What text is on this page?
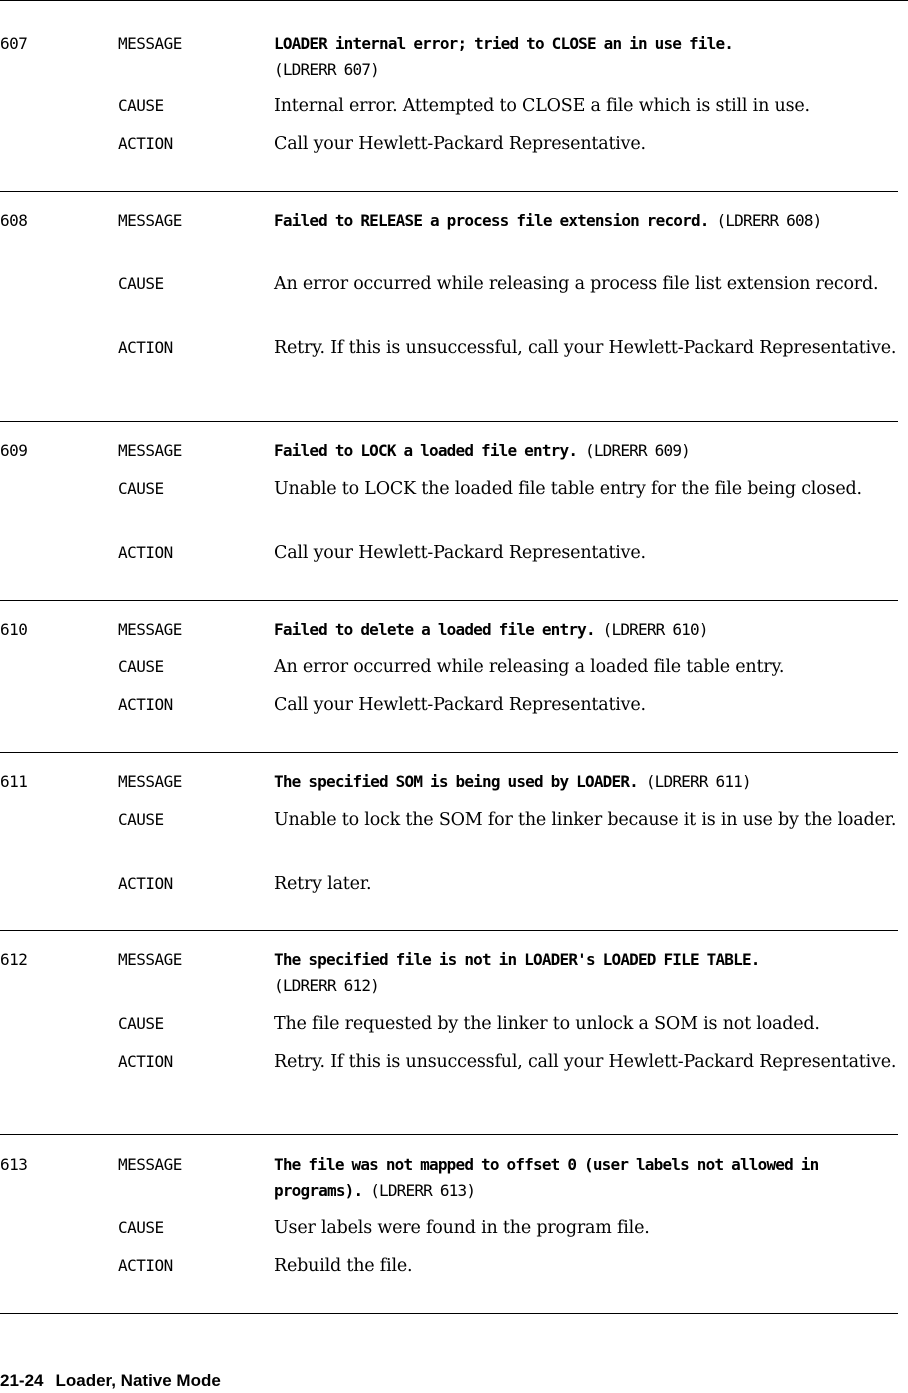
607	MESSAGE	LOADER internal error; tried to CLOSE an in use file.
(LDRERR 607)
CAUSE	Internal error. Attempted to CLOSE a file which is still in use.
ACTION	Call your Hewlett-Packard Representative.
608	MESSAGE	Failed to RELEASE a process file extension record. (LDRERR 608)
CAUSE	An error occurred while releasing a process file list extension record.
ACTION	Retry. If this is unsuccessful, call your Hewlett-Packard Representative.
609	MESSAGE	Failed to LOCK a loaded file entry. (LDRERR 609)
CAUSE	Unable to LOCK the loaded file table entry for the file being closed.
ACTION	Call your Hewlett-Packard Representative.
610	MESSAGE	Failed to delete a loaded file entry. (LDRERR 610)
CAUSE	An error occurred while releasing a loaded file table entry.
ACTION	Call your Hewlett-Packard Representative.
611	MESSAGE	The specified SOM is being used by LOADER. (LDRERR 611)
CAUSE	Unable to lock the SOM for the linker because it is in use by the loader.
ACTION	Retry later.
612	MESSAGE	The specified file is not in LOADER's LOADED FILE TABLE.
(LDRERR 612)
CAUSE	The file requested by the linker to unlock a SOM is not loaded.
ACTION	Retry. If this is unsuccessful, call your Hewlett-Packard Representative.
613	MESSAGE	The file was not mapped to offset 0 (user labels not allowed in programs). (LDRERR 613)
CAUSE	User labels were found in the program file.
ACTION	Rebuild the file.
21-24 Loader, Native Mode
